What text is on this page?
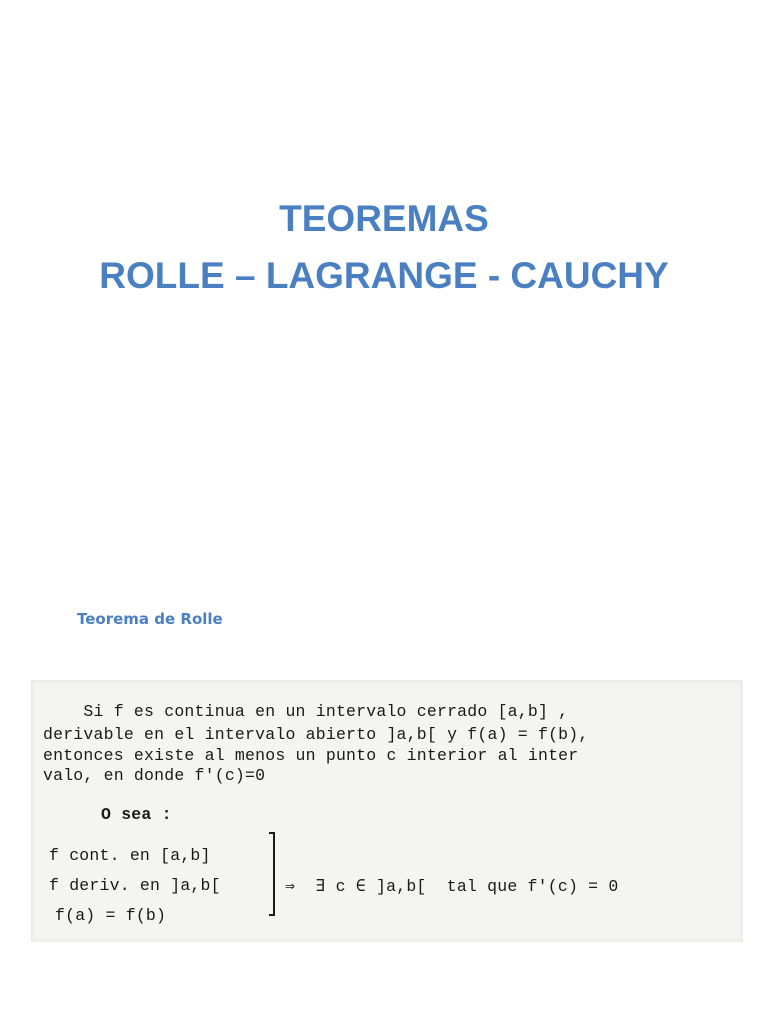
TEOREMAS
ROLLE – LAGRANGE - CAUCHY
Teorema de Rolle
Si f es continua en un intervalo cerrado [a,b] ,
derivable en el intervalo abierto ]a,b[ y f(a) = f(b),
entonces existe al menos un punto c interior al inter
valo, en donde f'(c)=0
O sea :
f cont. en [a,b]
f deriv. en ]a,b[
f(a) = f(b)
⇒  ∃ c ∈ ]a,b[  tal que f'(c) = 0
